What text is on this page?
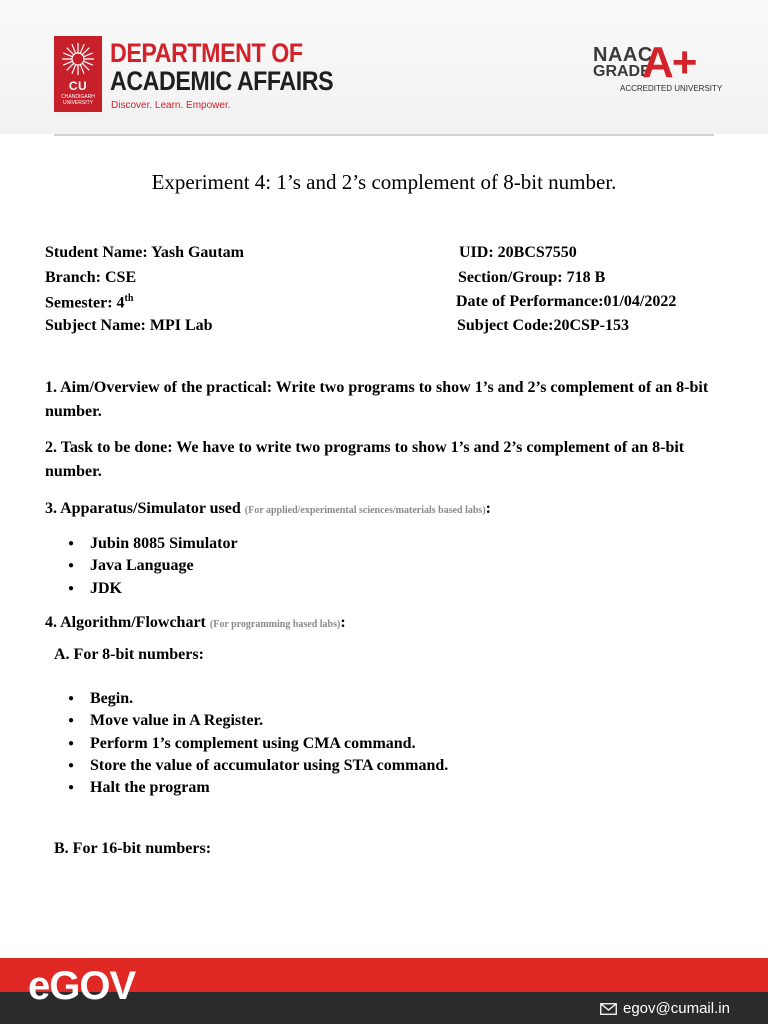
CU
CHANDIGARH UNIVERSITY
DEPARTMENT OF
ACADEMIC AFFAIRS
Discover. Learn. Empower.
NAAC
GRADE
A+
ACCREDITED UNIVERSITY
Experiment 4: 1’s and 2’s complement of 8-bit number.
Student Name: Yash Gautam	UID: 20BCS7550
Branch: CSE	Section/Group: 718 B
Semester: 4th	Date of Performance:01/04/2022
Subject Name: MPI Lab	Subject Code:20CSP-153
1. Aim/Overview of the practical: Write two programs to show 1’s and 2’s complement of an 8-bit number.
2. Task to be done: We have to write two programs to show 1’s and 2’s complement of an 8-bit number.
3. Apparatus/Simulator used (For applied/experimental sciences/materials based labs):
● Jubin 8085 Simulator
● Java Language
● JDK
4. Algorithm/Flowchart (For programming based labs):
A. For 8-bit numbers:
● Begin.
● Move value in A Register.
● Perform 1’s complement using CMA command.
● Store the value of accumulator using STA command.
● Halt the program
B. For 16-bit numbers:
eGOV
egov@cumail.in
